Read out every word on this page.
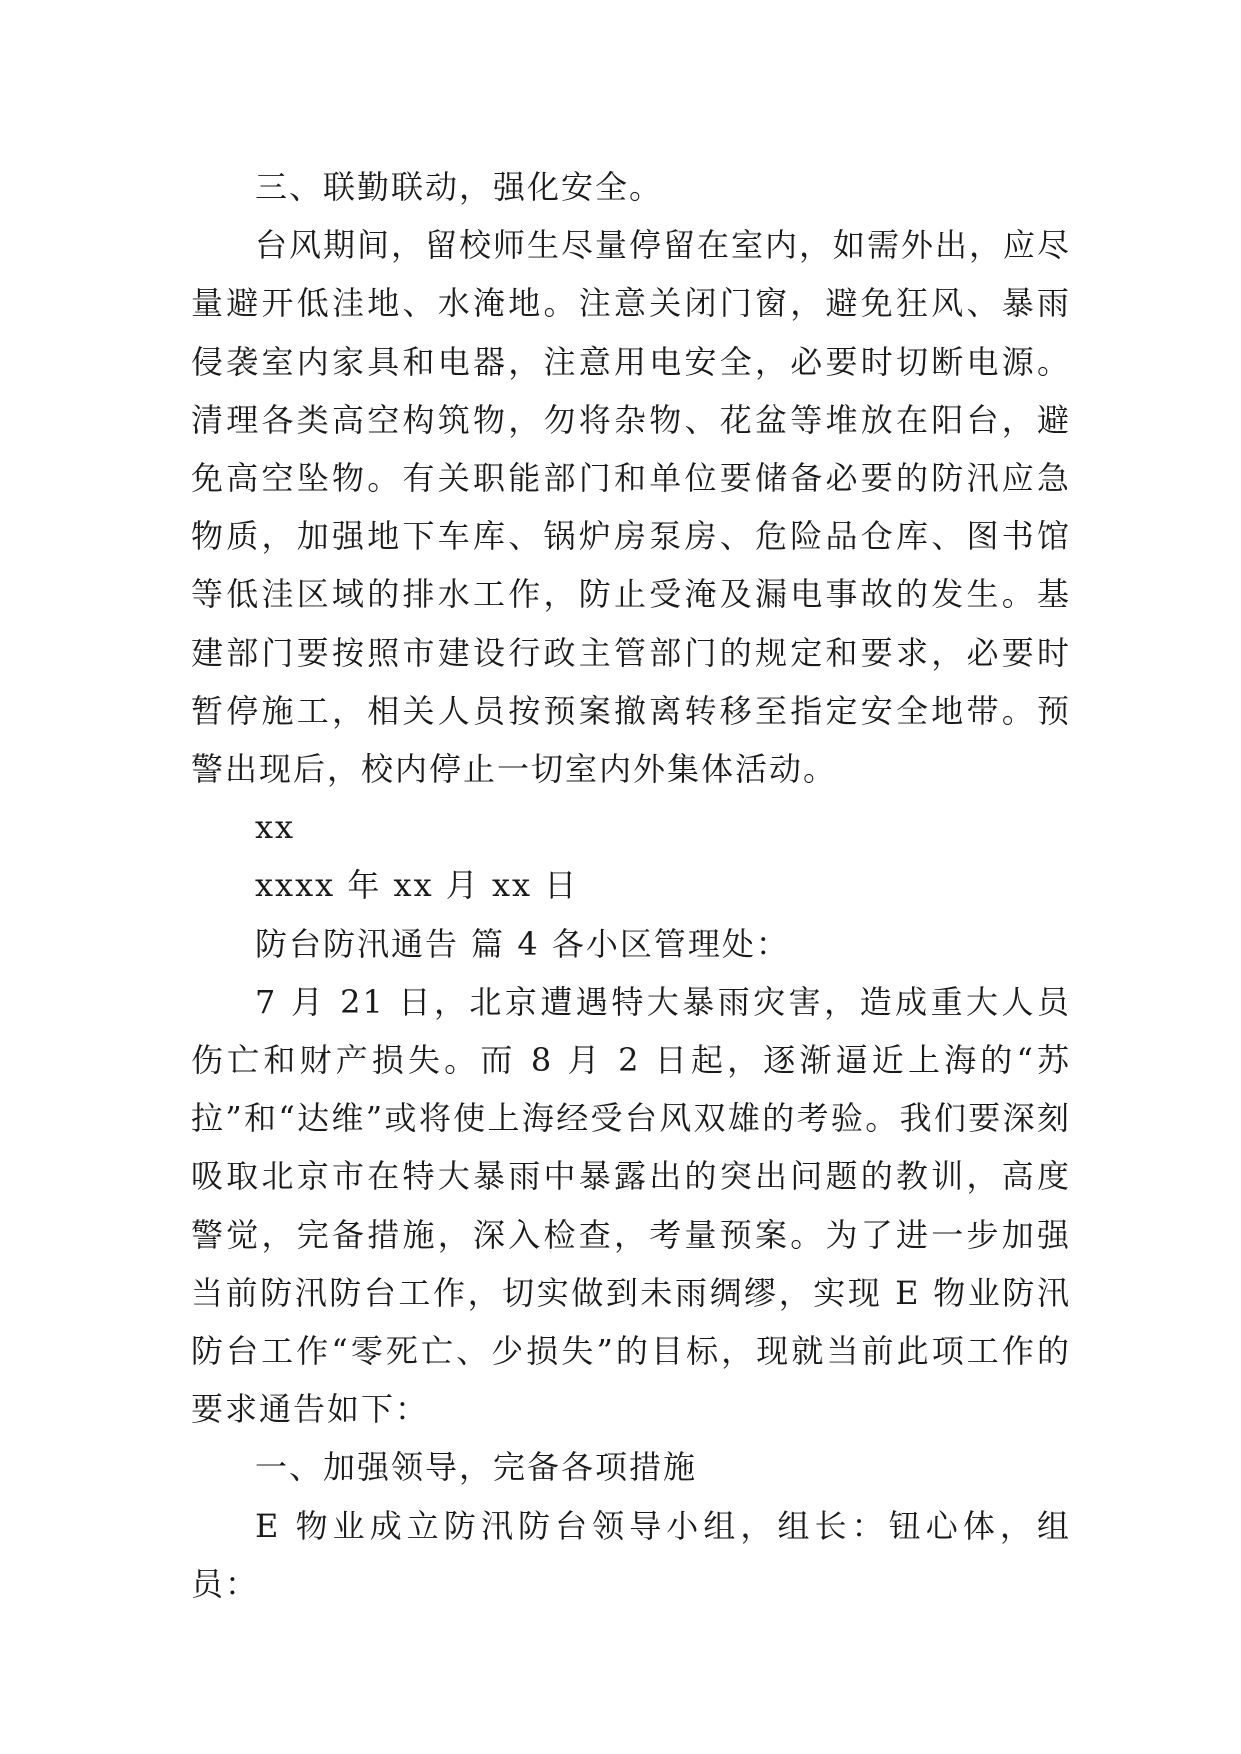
三、联勤联动，强化安全。

台风期间，留校师生尽量停留在室内，如需外出，应尽量避开低洼地、水淹地。注意关闭门窗，避免狂风、暴雨侵袭室内家具和电器，注意用电安全，必要时切断电源。清理各类高空构筑物，勿将杂物、花盆等堆放在阳台，避免高空坠物。有关职能部门和单位要储备必要的防汛应急物质，加强地下车库、锅炉房泵房、危险品仓库、图书馆等低洼区域的排水工作，防止受淹及漏电事故的发生。基建部门要按照市建设行政主管部门的规定和要求，必要时暂停施工，相关人员按预案撤离转移至指定安全地带。预警出现后，校内停止一切室内外集体活动。

xx

xxxx 年 xx 月 xx 日

防台防汛通告 篇 4 各小区管理处：

7 月 21 日，北京遭遇特大暴雨灾害，造成重大人员伤亡和财产损失。而 8 月 2 日起，逐渐逼近上海的“苏拉”和“达维”或将使上海经受台风双雄的考验。我们要深刻吸取北京市在特大暴雨中暴露出的突出问题的教训，高度警觉，完备措施，深入检查，考量预案。为了进一步加强当前防汛防台工作，切实做到未雨绸缪，实现 E 物业防汛防台工作“零死亡、少损失”的目标，现就当前此项工作的要求通告如下：

一、加强领导，完备各项措施

E 物业成立防汛防台领导小组，组长：钮心体，组员：
